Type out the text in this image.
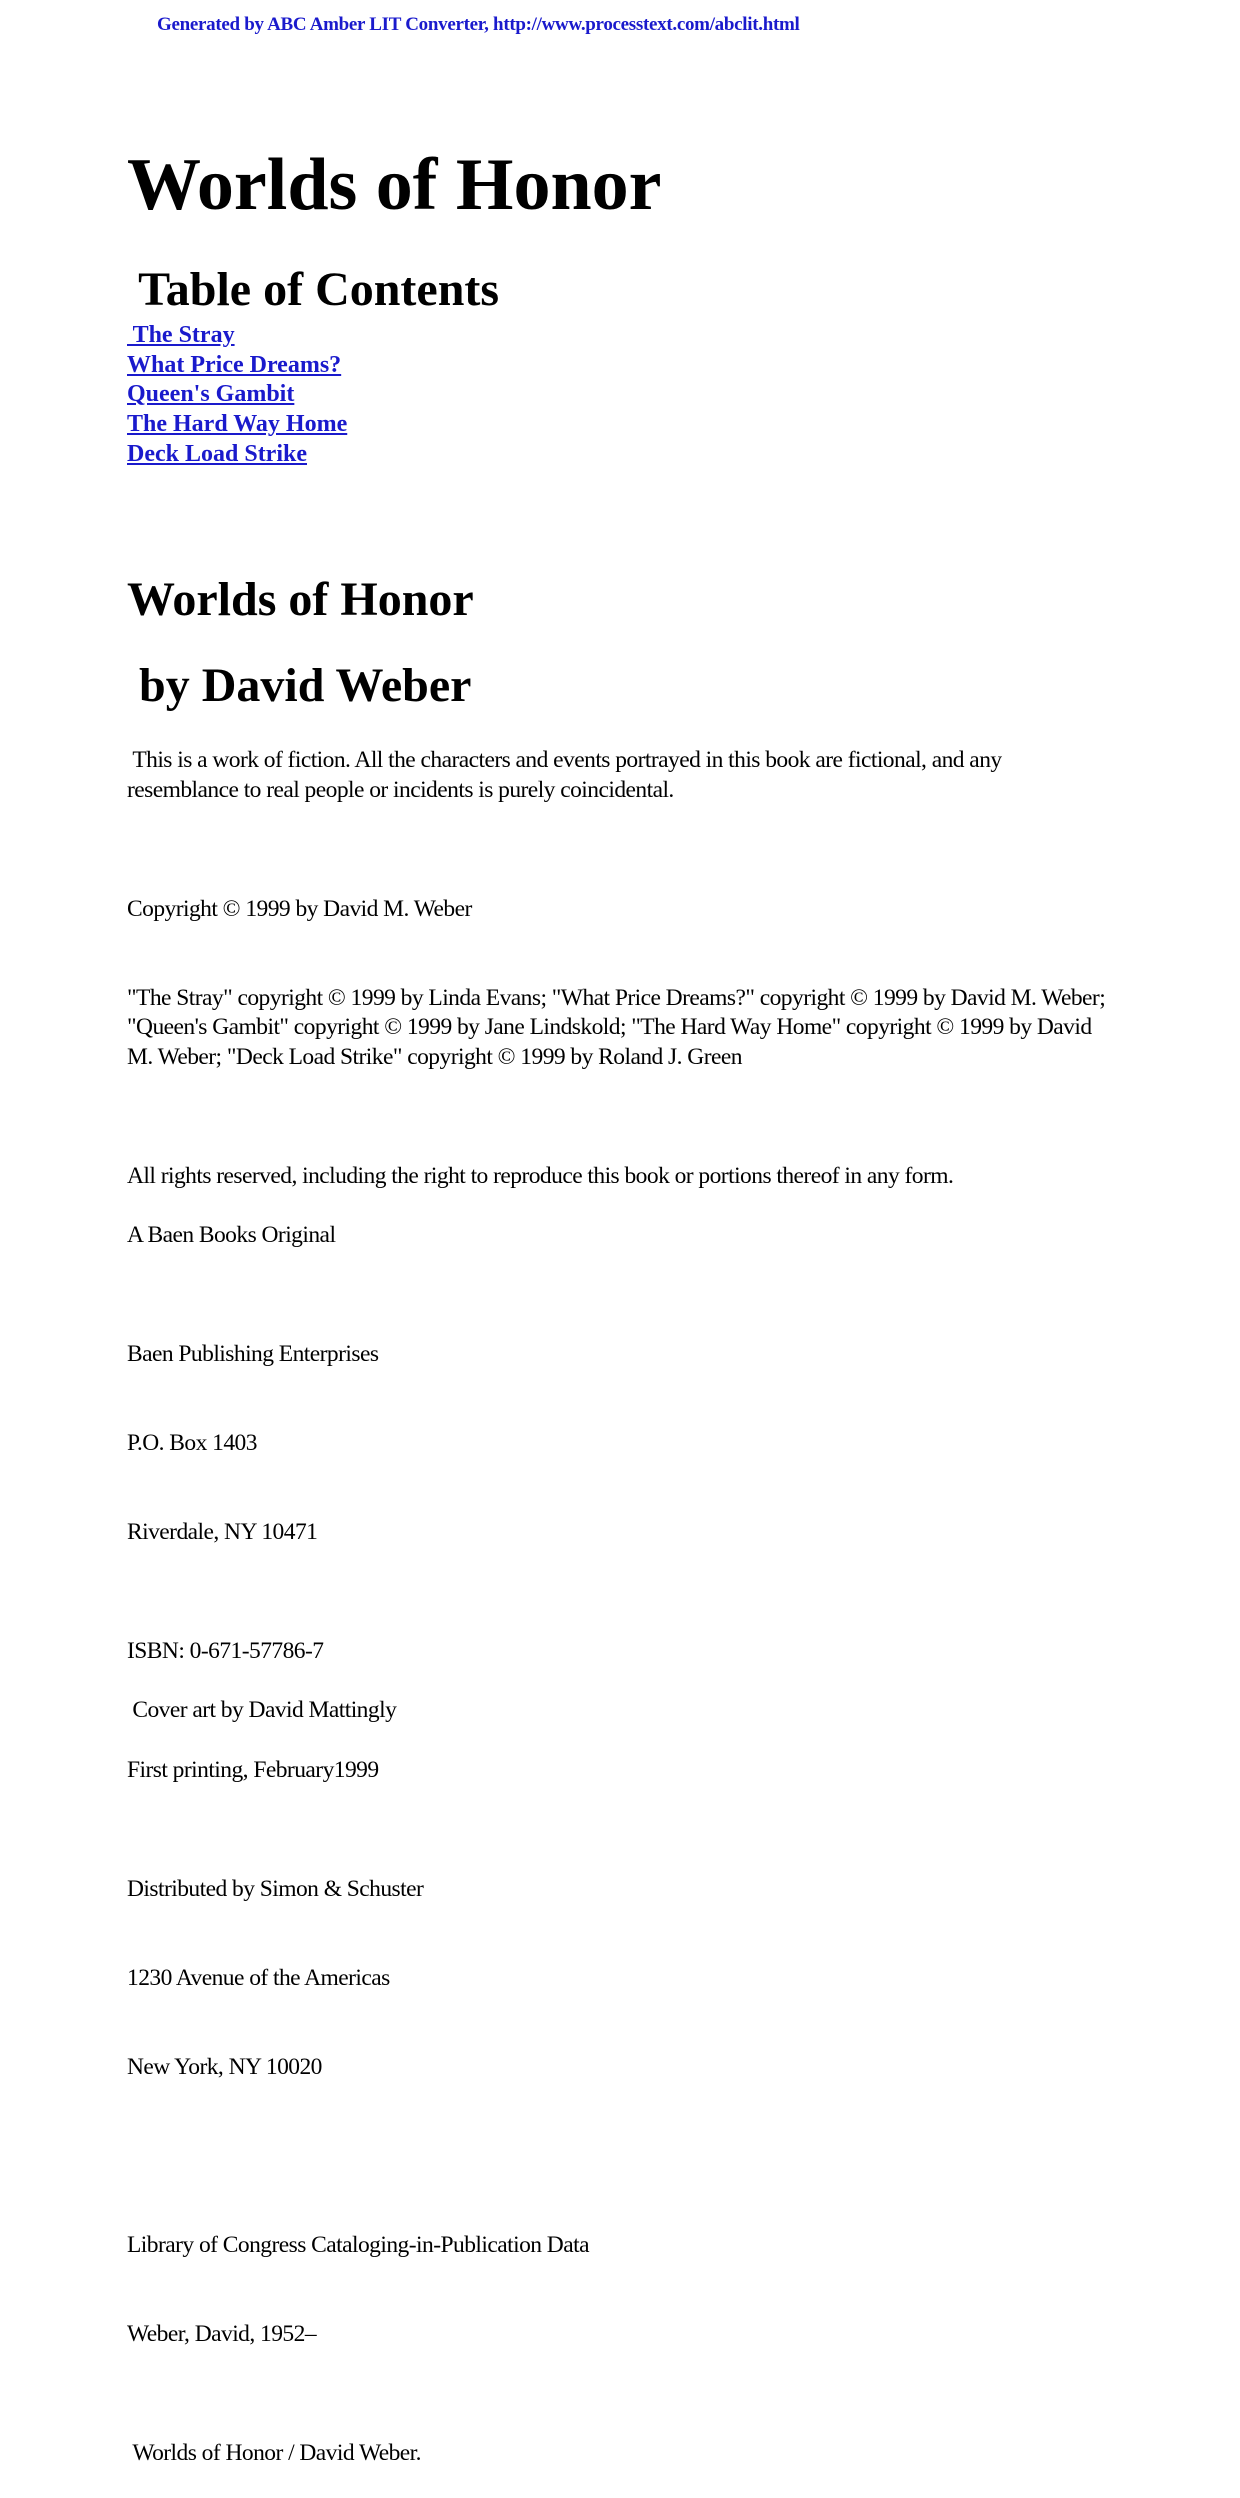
Generated by ABC Amber LIT Converter, http://www.processtext.com/abclit.html
Worlds of Honor
Table of Contents
The Stray
What Price Dreams?
Queen's Gambit
The Hard Way Home
Deck Load Strike
Worlds of Honor
by David Weber

This is a work of fiction. All the characters and events portrayed in this book are fictional, and any resemblance to real people or incidents is purely coincidental.

Copyright © 1999 by David M. Weber

"The Stray" copyright © 1999 by Linda Evans; "What Price Dreams?" copyright © 1999 by David M. Weber; "Queen's Gambit" copyright © 1999 by Jane Lindskold; "The Hard Way Home" copyright © 1999 by David M. Weber; "Deck Load Strike" copyright © 1999 by Roland J. Green

All rights reserved, including the right to reproduce this book or portions thereof in any form.

A Baen Books Original

Baen Publishing Enterprises

P.O. Box 1403

Riverdale, NY 10471

ISBN: 0-671-57786-7

Cover art by David Mattingly

First printing, February1999

Distributed by Simon & Schuster

1230 Avenue of the Americas

New York, NY 10020

Library of Congress Cataloging-in-Publication Data

Weber, David, 1952–

Worlds of Honor / David Weber.
